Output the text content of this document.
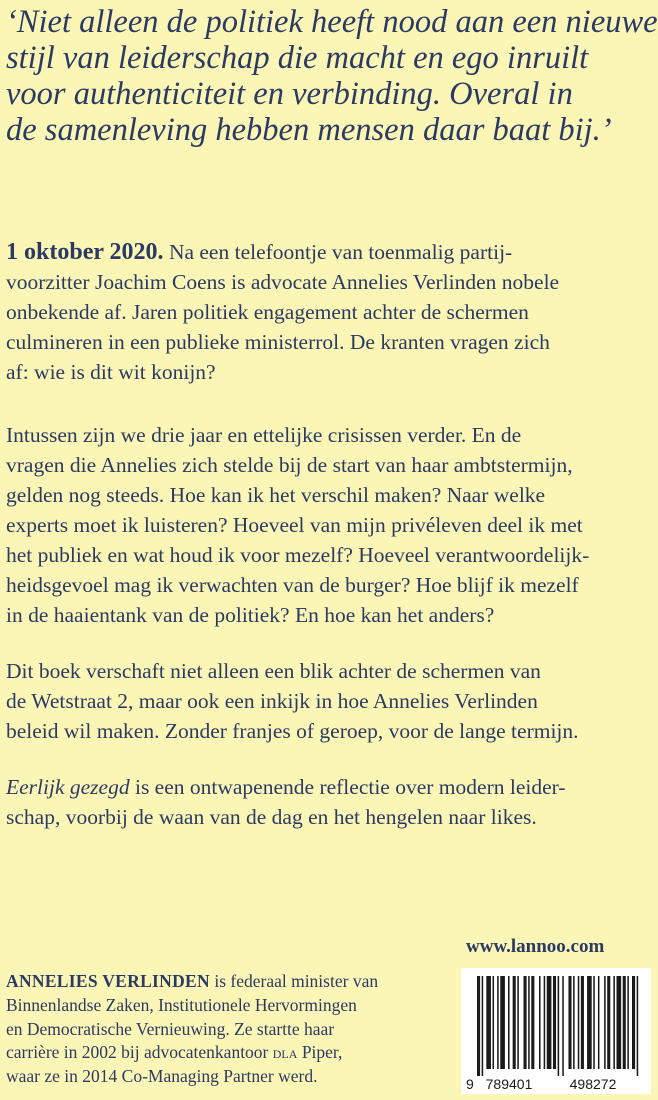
‘Niet alleen de politiek heeft nood aan een nieuwe
stijl van leiderschap die macht en ego inruilt
voor authenticiteit en verbinding. Overal in
de samenleving hebben mensen daar baat bij.’
1 oktober 2020. Na een telefoontje van toenmalig partij-
voorzitter Joachim Coens is advocate Annelies Verlinden nobele
onbekende af. Jaren politiek engagement achter de schermen
culmineren in een publieke ministerrol. De kranten vragen zich
af: wie is dit wit konijn?
Intussen zijn we drie jaar en ettelijke crisissen verder. En de
vragen die Annelies zich stelde bij de start van haar ambtstermijn,
gelden nog steeds. Hoe kan ik het verschil maken? Naar welke
experts moet ik luisteren? Hoeveel van mijn privéleven deel ik met
het publiek en wat houd ik voor mezelf? Hoeveel verantwoordelijk-
heidsgevoel mag ik verwachten van de burger? Hoe blijf ik mezelf
in de haaientank van de politiek? En hoe kan het anders?
Dit boek verschaft niet alleen een blik achter de schermen van
de Wetstraat 2, maar ook een inkijk in hoe Annelies Verlinden
beleid wil maken. Zonder franjes of geroep, voor de lange termijn.
Eerlijk gezegd is een ontwapenende reflectie over modern leider-
schap, voorbij de waan van de dag en het hengelen naar likes.
www.lannoo.com
ANNELIES VERLINDEN is federaal minister van
Binnenlandse Zaken, Institutionele Hervormingen
en Democratische Vernieuwing. Ze startte haar
carrière in 2002 bij advocatenkantoor dla Piper,
waar ze in 2014 Co-Managing Partner werd.	9 789401	498272
